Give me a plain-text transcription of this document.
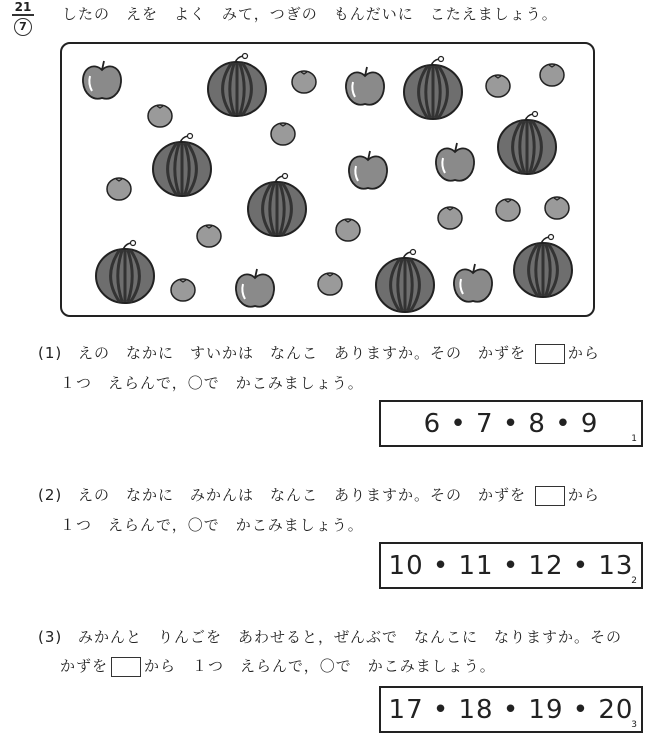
21
7
したの　えを　よく　みて，つぎの　もんだいに　こたえましょう。
(1) えの　なかに　すいかは　なんこ　ありますか。その　かずを	から
１つ　えらんで，〇で　かこみましょう。
6 • 7 • 8 • 9	1
(2) えの　なかに　みかんは　なんこ　ありますか。その　かずを	から
１つ　えらんで，〇で　かこみましょう。
10 • 11 • 12 • 13
2
(3) みかんと　りんごを　あわせると，ぜんぶで　なんこに　なりますか。その
かずを から　１つ　えらんで，〇で　かこみましょう。
17 • 18 • 19 • 20
3
